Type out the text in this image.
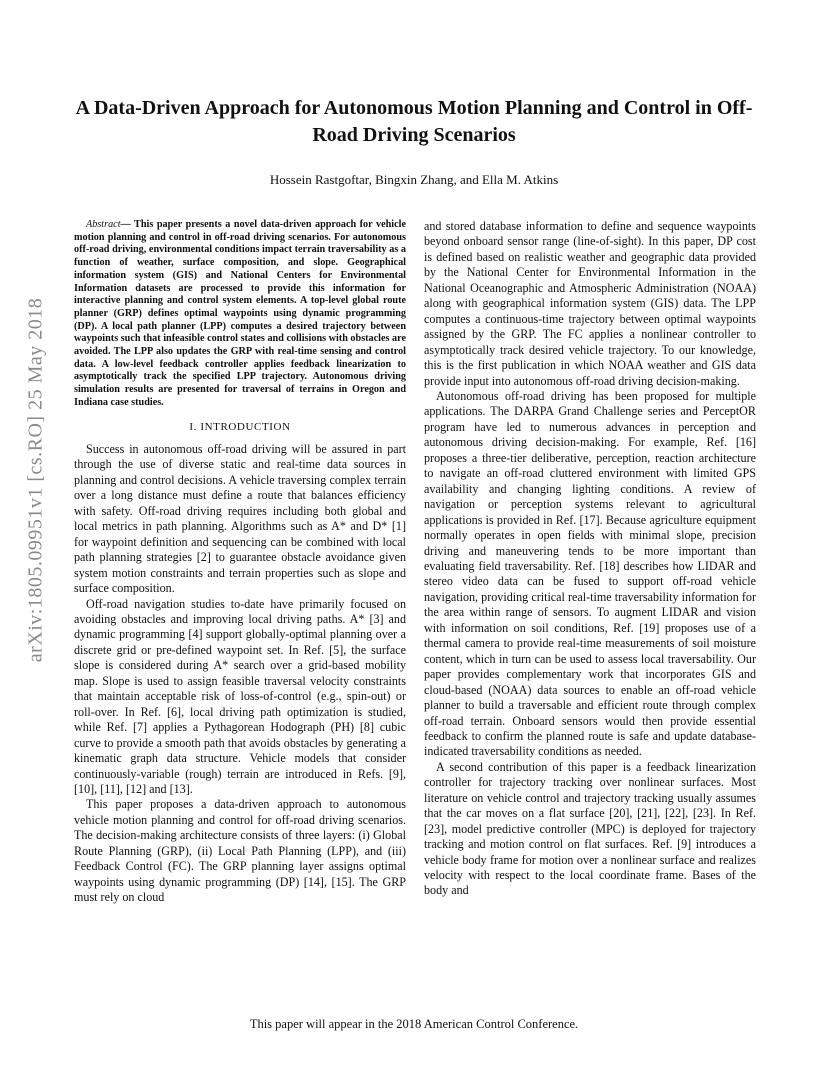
A Data-Driven Approach for Autonomous Motion Planning and Control in Off-Road Driving Scenarios
Hossein Rastgoftar, Bingxin Zhang, and Ella M. Atkins
arXiv:1805.09951v1 [cs.RO] 25 May 2018

Abstract— This paper presents a novel data-driven approach for vehicle motion planning and control in off-road driving scenarios. For autonomous off-road driving, environmental conditions impact terrain traversability as a function of weather, surface composition, and slope. Geographical information system (GIS) and National Centers for Environmental Information datasets are processed to provide this information for interactive planning and control system elements. A top-level global route planner (GRP) defines optimal waypoints using dynamic programming (DP). A local path planner (LPP) computes a desired trajectory between waypoints such that infeasible control states and collisions with obstacles are avoided. The LPP also updates the GRP with real-time sensing and control data. A low-level feedback controller applies feedback linearization to asymptotically track the specified LPP trajectory. Autonomous driving simulation results are presented for traversal of terrains in Oregon and Indiana case studies.

I. INTRODUCTION

Success in autonomous off-road driving will be assured in part through the use of diverse static and real-time data sources in planning and control decisions. A vehicle traversing complex terrain over a long distance must define a route that balances efficiency with safety. Off-road driving requires including both global and local metrics in path planning. Algorithms such as A* and D* [1] for waypoint definition and sequencing can be combined with local path planning strategies [2] to guarantee obstacle avoidance given system motion constraints and terrain properties such as slope and surface composition.

Off-road navigation studies to-date have primarily focused on avoiding obstacles and improving local driving paths. A* [3] and dynamic programming [4] support globally-optimal planning over a discrete grid or pre-defined waypoint set. In Ref. [5], the surface slope is considered during A* search over a grid-based mobility map. Slope is used to assign feasible traversal velocity constraints that maintain acceptable risk of loss-of-control (e.g., spin-out) or roll-over. In Ref. [6], local driving path optimization is studied, while Ref. [7] applies a Pythagorean Hodograph (PH) [8] cubic curve to provide a smooth path that avoids obstacles by generating a kinematic graph data structure. Vehicle models that consider continuously-variable (rough) terrain are introduced in Refs. [9], [10], [11], [12] and [13].

This paper proposes a data-driven approach to autonomous vehicle motion planning and control for off-road driving scenarios. The decision-making architecture consists of three layers: (i) Global Route Planning (GRP), (ii) Local Path Planning (LPP), and (iii) Feedback Control (FC). The GRP planning layer assigns optimal waypoints using dynamic programming (DP) [14], [15]. The GRP must rely on cloud

and stored database information to define and sequence waypoints beyond onboard sensor range (line-of-sight). In this paper, DP cost is defined based on realistic weather and geographic data provided by the National Center for Environmental Information in the National Oceanographic and Atmospheric Administration (NOAA) along with geographical information system (GIS) data. The LPP computes a continuous-time trajectory between optimal waypoints assigned by the GRP. The FC applies a nonlinear controller to asymptotically track desired vehicle trajectory. To our knowledge, this is the first publication in which NOAA weather and GIS data provide input into autonomous off-road driving decision-making.

Autonomous off-road driving has been proposed for multiple applications. The DARPA Grand Challenge series and PerceptOR program have led to numerous advances in perception and autonomous driving decision-making. For example, Ref. [16] proposes a three-tier deliberative, perception, reaction architecture to navigate an off-road cluttered environment with limited GPS availability and changing lighting conditions. A review of navigation or perception systems relevant to agricultural applications is provided in Ref. [17]. Because agriculture equipment normally operates in open fields with minimal slope, precision driving and maneuvering tends to be more important than evaluating field traversability. Ref. [18] describes how LIDAR and stereo video data can be fused to support off-road vehicle navigation, providing critical real-time traversability information for the area within range of sensors. To augment LIDAR and vision with information on soil conditions, Ref. [19] proposes use of a thermal camera to provide real-time measurements of soil moisture content, which in turn can be used to assess local traversability. Our paper provides complementary work that incorporates GIS and cloud-based (NOAA) data sources to enable an off-road vehicle planner to build a traversable and efficient route through complex off-road terrain. Onboard sensors would then provide essential feedback to confirm the planned route is safe and update database-indicated traversability conditions as needed.

A second contribution of this paper is a feedback linearization controller for trajectory tracking over nonlinear surfaces. Most literature on vehicle control and trajectory tracking usually assumes that the car moves on a flat surface [20], [21], [22], [23]. In Ref. [23], model predictive controller (MPC) is deployed for trajectory tracking and motion control on flat surfaces. Ref. [9] introduces a vehicle body frame for motion over a nonlinear surface and realizes velocity with respect to the local coordinate frame. Bases of the body and

This paper will appear in the 2018 American Control Conference.
